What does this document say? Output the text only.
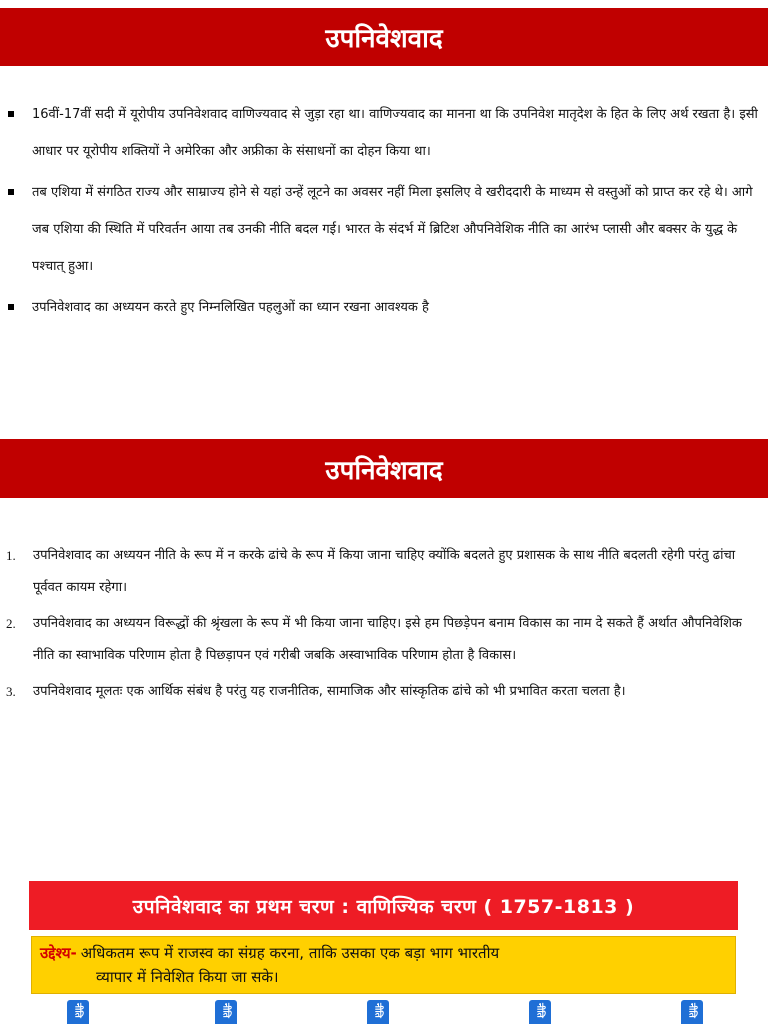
उपनिवेशवाद
16वीं-17वीं सदी में यूरोपीय उपनिवेशवाद वाणिज्यवाद से जुड़ा रहा था। वाणिज्यवाद का मानना था कि उपनिवेश मातृदेश के हित के लिए अर्थ रखता है। इसी आधार पर यूरोपीय शक्तियों ने अमेरिका और अफ्रीका के संसाधनों का दोहन किया था।
तब एशिया में संगठित राज्य और साम्राज्य होने से यहां उन्हें लूटने का अवसर नहीं मिला इसलिए वे खरीददारी के माध्यम से वस्तुओं को प्राप्त कर रहे थे। आगे जब एशिया की स्थिति में परिवर्तन आया तब उनकी नीति बदल गई। भारत के संदर्भ में ब्रिटिश औपनिवेशिक नीति का आरंभ प्लासी और बक्सर के युद्ध के पश्चात् हुआ।
उपनिवेशवाद का अध्ययन करते हुए निम्नलिखित पहलुओं का ध्यान रखना आवश्यक है
उपनिवेशवाद
1. उपनिवेशवाद का अध्ययन नीति के रूप में न करके ढांचे के रूप में किया जाना चाहिए क्योंकि बदलते हुए प्रशासक के साथ नीति बदलती रहेगी परंतु ढांचा पूर्ववत कायम रहेगा।
2. उपनिवेशवाद का अध्ययन विरूद्धों की श्रृंखला के रूप में भी किया जाना चाहिए। इसे हम पिछड़ेपन बनाम विकास का नाम दे सकते हैं अर्थात औपनिवेशिक नीति का स्वाभाविक परिणाम होता है पिछड़ापन एवं गरीबी जबकि अस्वाभाविक परिणाम होता है विकास।
3. उपनिवेशवाद मूलतः एक आर्थिक संबंध है परंतु यह राजनीतिक, सामाजिक और सांस्कृतिक ढांचे को भी प्रभावित करता चलता है।
उपनिवेशवाद का प्रथम चरण : वाणिज्यिक चरण ( 1757-1813 )
उद्देश्य- अधिकतम रूप में राजस्व का संग्रह करना, ताकि उसका एक बड़ा भाग भारतीय
व्यापार में निवेशित किया जा सके।
नीति	नीति	नीति	नीति	नीति
